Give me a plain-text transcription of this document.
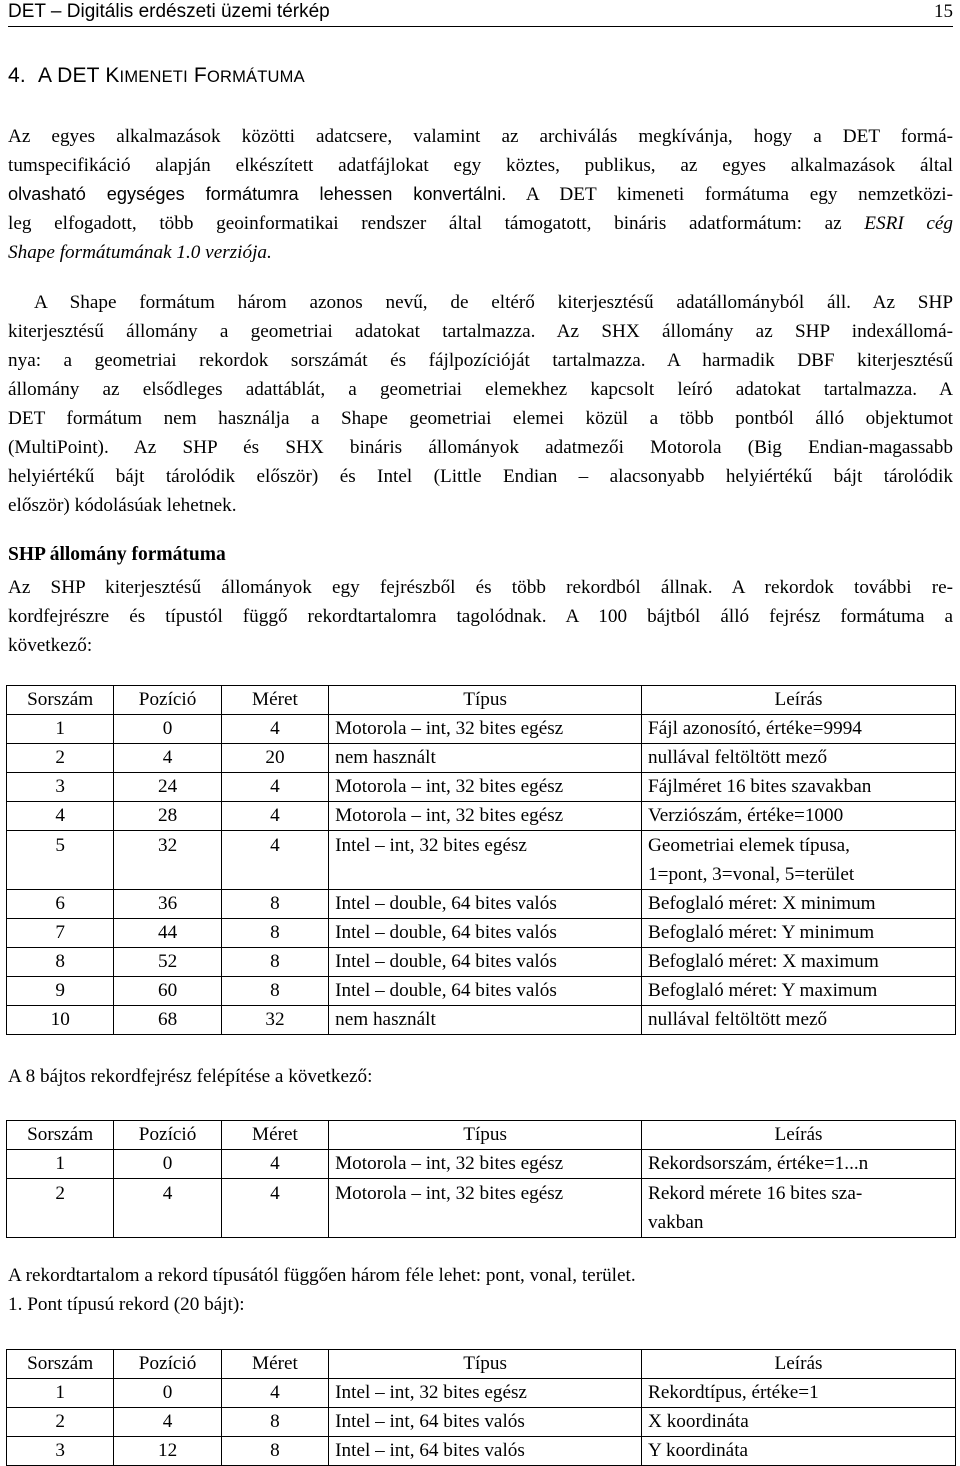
DET – Digitális erdészeti üzemi térkép	15
4. A DET KIMENETI FORMÁTUMA
Az egyes alkalmazások közötti adatcsere, valamint az archiválás megkívánja, hogy a DET formá-
tumspecifikáció alapján elkészített adatfájlokat egy köztes, publikus, az egyes alkalmazások által
olvasható egységes formátumra lehessen konvertálni. A DET kimeneti formátuma egy nemzetközi-
leg elfogadott, több geoinformatikai rendszer által támogatott, bináris adatformátum: az ESRI cég
Shape formátumának 1.0 verziója.
A Shape formátum három azonos nevű, de eltérő kiterjesztésű adatállományból áll. Az SHP
kiterjesztésű állomány a geometriai adatokat tartalmazza. Az SHX állomány az SHP indexállomá-
nya: a geometriai rekordok sorszámát és fájlpozícióját tartalmazza. A harmadik DBF kiterjesztésű
állomány az elsődleges adattáblát, a geometriai elemekhez kapcsolt leíró adatokat tartalmazza. A
DET formátum nem használja a Shape geometriai elemei közül a több pontból álló objektumot
(MultiPoint). Az SHP és SHX bináris állományok adatmezői Motorola (Big Endian-magassabb
helyiértékű bájt tárolódik először) és Intel (Little Endian – alacsonyabb helyiértékű bájt tárolódik
először) kódolásúak lehetnek.
SHP állomány formátuma
Az SHP kiterjesztésű állományok egy fejrészből és több rekordból állnak. A rekordok további re-
kordfejrészre és típustól függő rekordtartalomra tagolódnak. A 100 bájtból álló fejrész formátuma a
következő:
Sorszám	Pozíció	Méret	Típus	Leírás
1	0	4	Motorola – int, 32 bites egész	Fájl azonosító, értéke=9994
2	4	20	nem használt	nullával feltöltött mező
3	24	4	Motorola – int, 32 bites egész	Fájlméret 16 bites szavakban
4	28	4	Motorola – int, 32 bites egész	Verziószám, értéke=1000
5	32	4	Intel – int, 32 bites egész	Geometriai elemek típusa,
1=pont, 3=vonal, 5=terület

6	36	8	Intel – double, 64 bites valós	Befoglaló méret: X minimum
7	44	8	Intel – double, 64 bites valós	Befoglaló méret: Y minimum
8	52	8	Intel – double, 64 bites valós	Befoglaló méret: X maximum
9	60	8	Intel – double, 64 bites valós	Befoglaló méret: Y maximum
10	68	32	nem használt	nullával feltöltött mező
A 8 bájtos rekordfejrész felépítése a következő:
Sorszám	Pozíció	Méret	Típus	Leírás
1	0	4	Motorola – int, 32 bites egész	Rekordsorszám, értéke=1...n
2	4	4	Motorola – int, 32 bites egész	Rekord mérete 16 bites sza-
vakban
A rekordtartalom a rekord típusától függően három féle lehet: pont, vonal, terület.
1. Pont típusú rekord (20 bájt):
Sorszám	Pozíció	Méret	Típus	Leírás
1	0	4	Intel – int, 32 bites egész	Rekordtípus, értéke=1
2	4	8	Intel – int, 64 bites valós	X koordináta
3	12	8	Intel – int, 64 bites valós	Y koordináta
